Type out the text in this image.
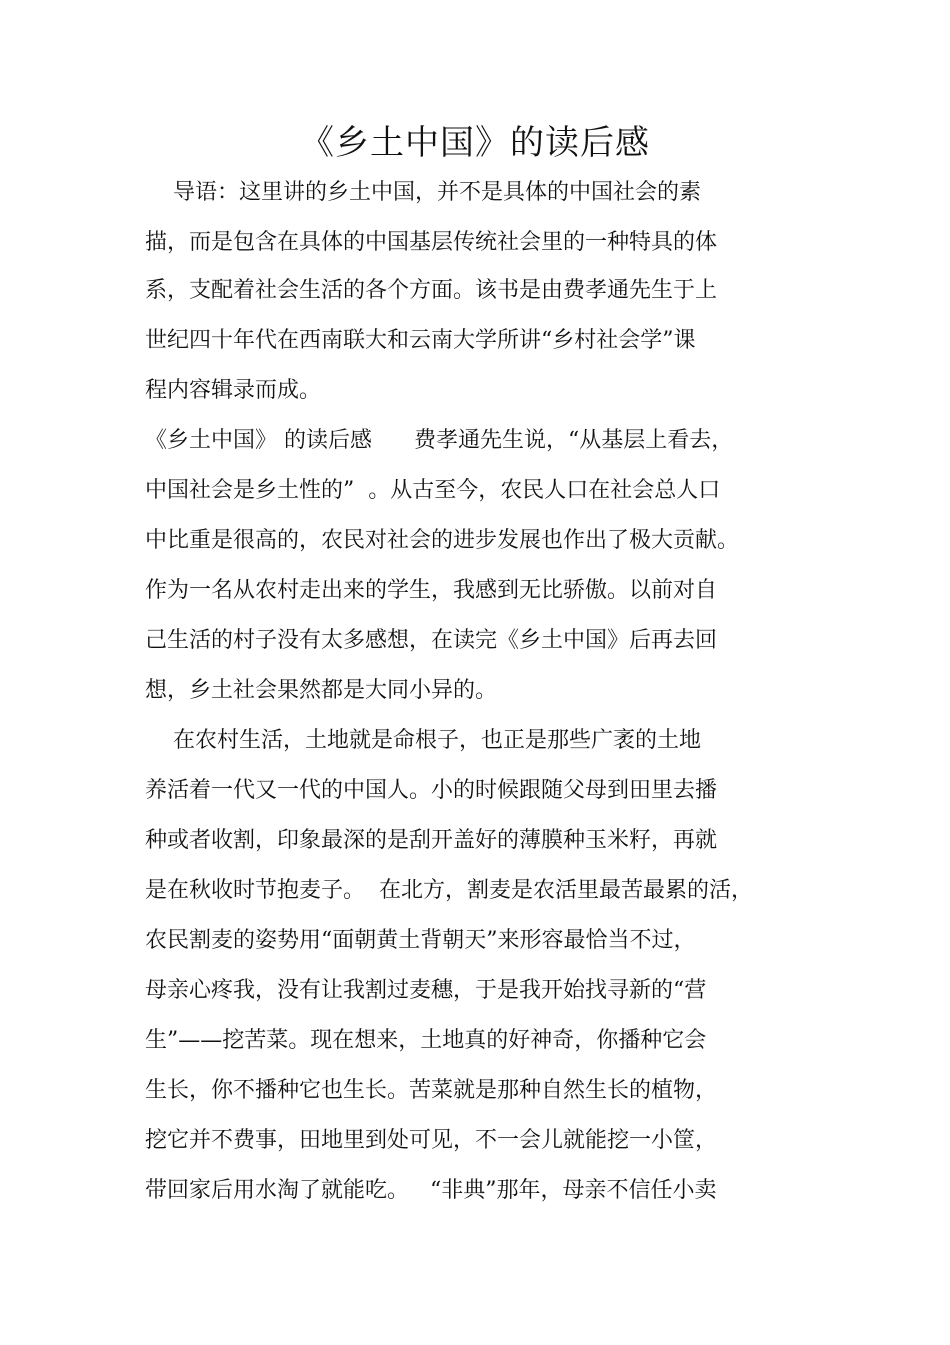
《乡土中国》的读后感

导语：这里讲的乡土中国，并不是具体的中国社会的素

描，而是包含在具体的中国基层传统社会里的一种特具的体

系，支配着社会生活的各个方面。该书是由费孝通先生于上

世纪四十年代在西南联大和云南大学所讲“乡村社会学”课

程内容辑录而成。

《乡土中国》 的读后感      费孝通先生说，“从基层上看去，

中国社会是乡土性的”  。从古至今，农民人口在社会总人口

中比重是很高的，农民对社会的进步发展也作出了极大贡献。

作为一名从农村走出来的学生，我感到无比骄傲。以前对自

己生活的村子没有太多感想，在读完《乡土中国》后再去回

想，乡土社会果然都是大同小异的。

在农村生活，土地就是命根子，也正是那些广袤的土地

养活着一代又一代的中国人。小的时候跟随父母到田里去播

种或者收割，印象最深的是刮开盖好的薄膜种玉米籽，再就

是在秋收时节抱麦子。  在北方，割麦是农活里最苦最累的活，

农民割麦的姿势用“面朝黄土背朝天”来形容最恰当不过，

母亲心疼我，没有让我割过麦穗，于是我开始找寻新的“营

生”——挖苦菜。现在想来，土地真的好神奇，你播种它会

生长，你不播种它也生长。苦菜就是那种自然生长的植物，

挖它并不费事，田地里到处可见，不一会儿就能挖一小筐，

带回家后用水淘了就能吃。   “非典”那年，母亲不信任小卖
